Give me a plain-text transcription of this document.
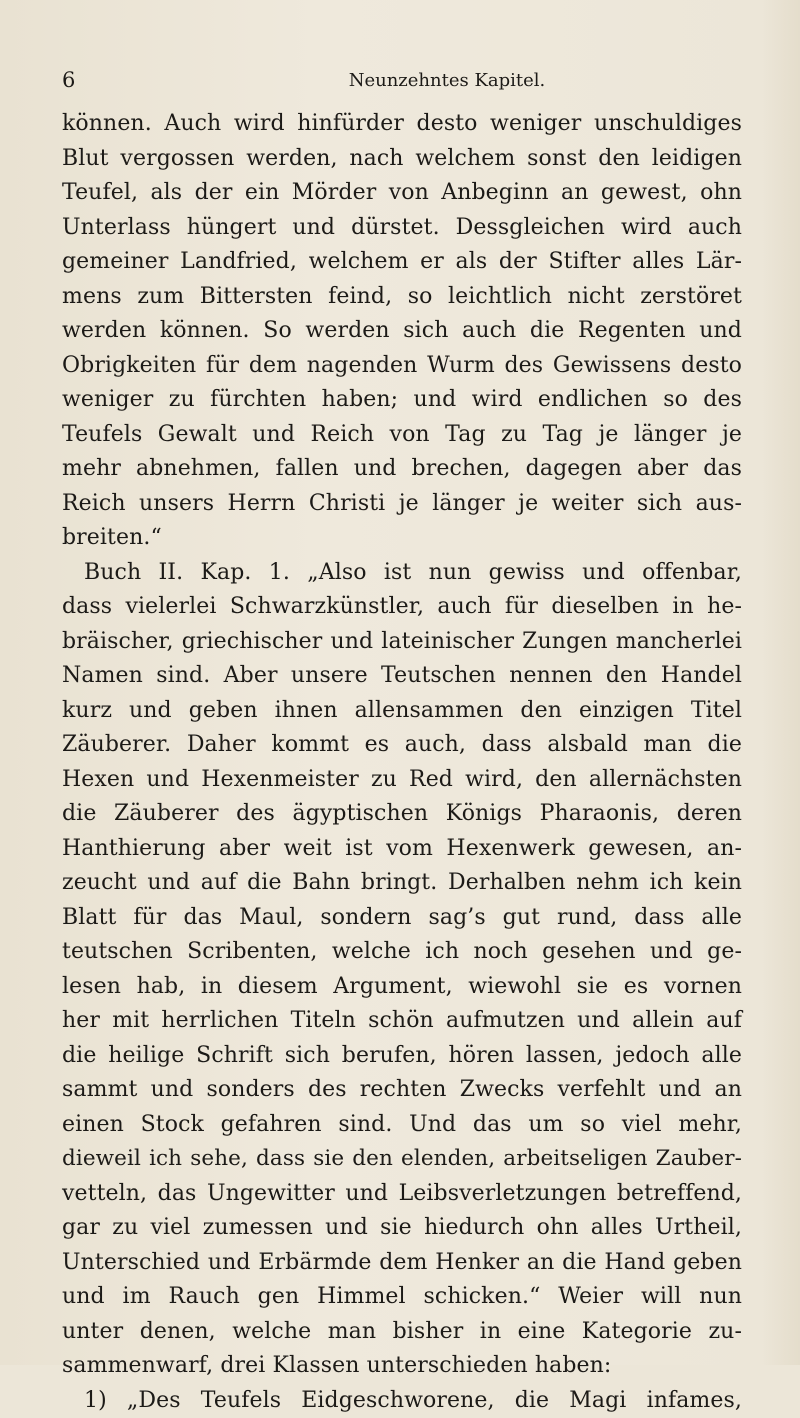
6	Neunzehntes Kapitel.
können. Auch wird hinfürder desto weniger unschuldiges
Blut vergossen werden, nach welchem sonst den leidigen
Teufel, als der ein Mörder von Anbeginn an gewest, ohn
Unterlass hüngert und dürstet. Dessgleichen wird auch
gemeiner Landfried, welchem er als der Stifter alles Lär-
mens zum Bittersten feind, so leichtlich nicht zerstöret
werden können. So werden sich auch die Regenten und
Obrigkeiten für dem nagenden Wurm des Gewissens desto
weniger zu fürchten haben; und wird endlichen so des
Teufels Gewalt und Reich von Tag zu Tag je länger je
mehr abnehmen, fallen und brechen, dagegen aber das
Reich unsers Herrn Christi je länger je weiter sich aus-
breiten.“
Buch II. Kap. 1. „Also ist nun gewiss und offenbar,
dass vielerlei Schwarzkünstler, auch für dieselben in he-
bräischer, griechischer und lateinischer Zungen mancherlei
Namen sind. Aber unsere Teutschen nennen den Handel
kurz und geben ihnen allensammen den einzigen Titel
Zäuberer. Daher kommt es auch, dass alsbald man die
Hexen und Hexenmeister zu Red wird, den allernächsten
die Zäuberer des ägyptischen Königs Pharaonis, deren
Hanthierung aber weit ist vom Hexenwerk gewesen, an-
zeucht und auf die Bahn bringt. Derhalben nehm ich kein
Blatt für das Maul, sondern sag’s gut rund, dass alle
teutschen Scribenten, welche ich noch gesehen und ge-
lesen hab, in diesem Argument, wiewohl sie es vornen
her mit herrlichen Titeln schön aufmutzen und allein auf
die heilige Schrift sich berufen, hören lassen, jedoch alle
sammt und sonders des rechten Zwecks verfehlt und an
einen Stock gefahren sind. Und das um so viel mehr,
dieweil ich sehe, dass sie den elenden, arbeitseligen Zauber-
vetteln, das Ungewitter und Leibsverletzungen betreffend,
gar zu viel zumessen und sie hiedurch ohn alles Urtheil,
Unterschied und Erbärmde dem Henker an die Hand geben
und im Rauch gen Himmel schicken.“ Weier will nun
unter denen, welche man bisher in eine Kategorie zu-
sammenwarf, drei Klassen unterschieden haben:
1) „Des Teufels Eidgeschworene, die Magi infames,
